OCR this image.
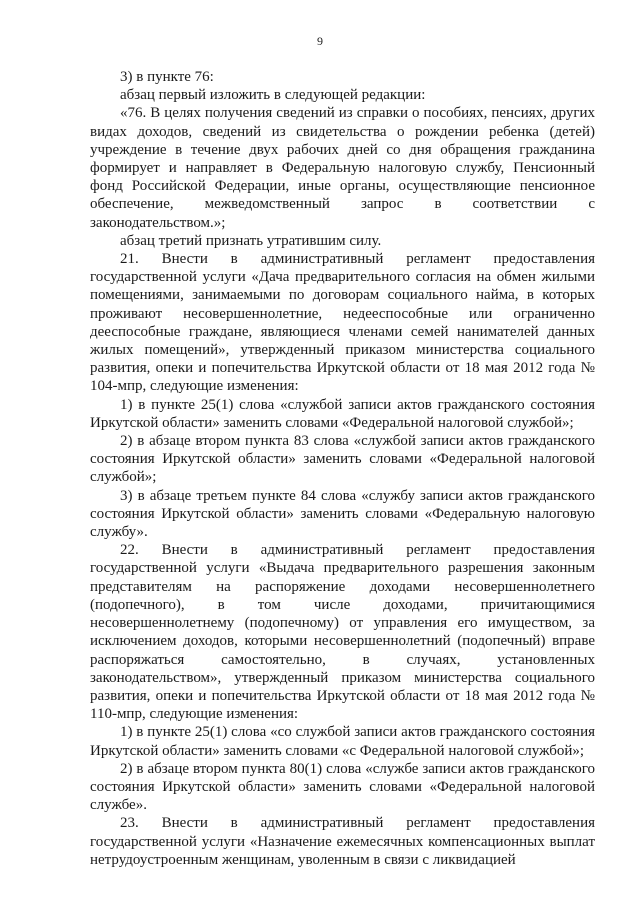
9

3) в пункте 76:

абзац первый изложить в следующей редакции:

«76. В целях получения сведений из справки о пособиях, пенсиях, других видах доходов, сведений из свидетельства о рождении ребенка (детей) учреждение в течение двух рабочих дней со дня обращения гражданина формирует и направляет в Федеральную налоговую службу, Пенсионный фонд Российской Федерации, иные органы, осуществляющие пенсионное обеспечение, межведомственный запрос в соответствии с законодательством.»;

абзац третий признать утратившим силу.

21. Внести в административный регламент предоставления государственной услуги «Дача предварительного согласия на обмен жилыми помещениями, занимаемыми по договорам социального найма, в которых проживают несовершеннолетние, недееспособные или ограниченно дееспособные граждане, являющиеся членами семей нанимателей данных жилых помещений», утвержденный приказом министерства социального развития, опеки и попечительства Иркутской области от 18 мая 2012 года № 104-мпр, следующие изменения:

1) в пункте 25(1) слова «службой записи актов гражданского состояния Иркутской области» заменить словами «Федеральной налоговой службой»;

2) в абзаце втором пункта 83 слова «службой записи актов гражданского состояния Иркутской области» заменить словами «Федеральной налоговой службой»;

3) в абзаце третьем пункте 84 слова «службу записи актов гражданского состояния Иркутской области» заменить словами «Федеральную налоговую службу».

22. Внести в административный регламент предоставления государственной услуги «Выдача предварительного разрешения законным представителям на распоряжение доходами несовершеннолетнего (подопечного), в том числе доходами, причитающимися несовершеннолетнему (подопечному) от управления его имуществом, за исключением доходов, которыми несовершеннолетний (подопечный) вправе распоряжаться самостоятельно, в случаях, установленных законодательством», утвержденный приказом министерства социального развития, опеки и попечительства Иркутской области от 18 мая 2012 года № 110-мпр, следующие изменения:

1) в пункте 25(1) слова «со службой записи актов гражданского состояния Иркутской области» заменить словами «с Федеральной налоговой службой»;

2) в абзаце втором пункта 80(1) слова «службе записи актов гражданского состояния Иркутской области» заменить словами «Федеральной налоговой службе».

23. Внести в административный регламент предоставления государственной услуги «Назначение ежемесячных компенсационных выплат нетрудоустроенным женщинам, уволенным в связи с ликвидацией
